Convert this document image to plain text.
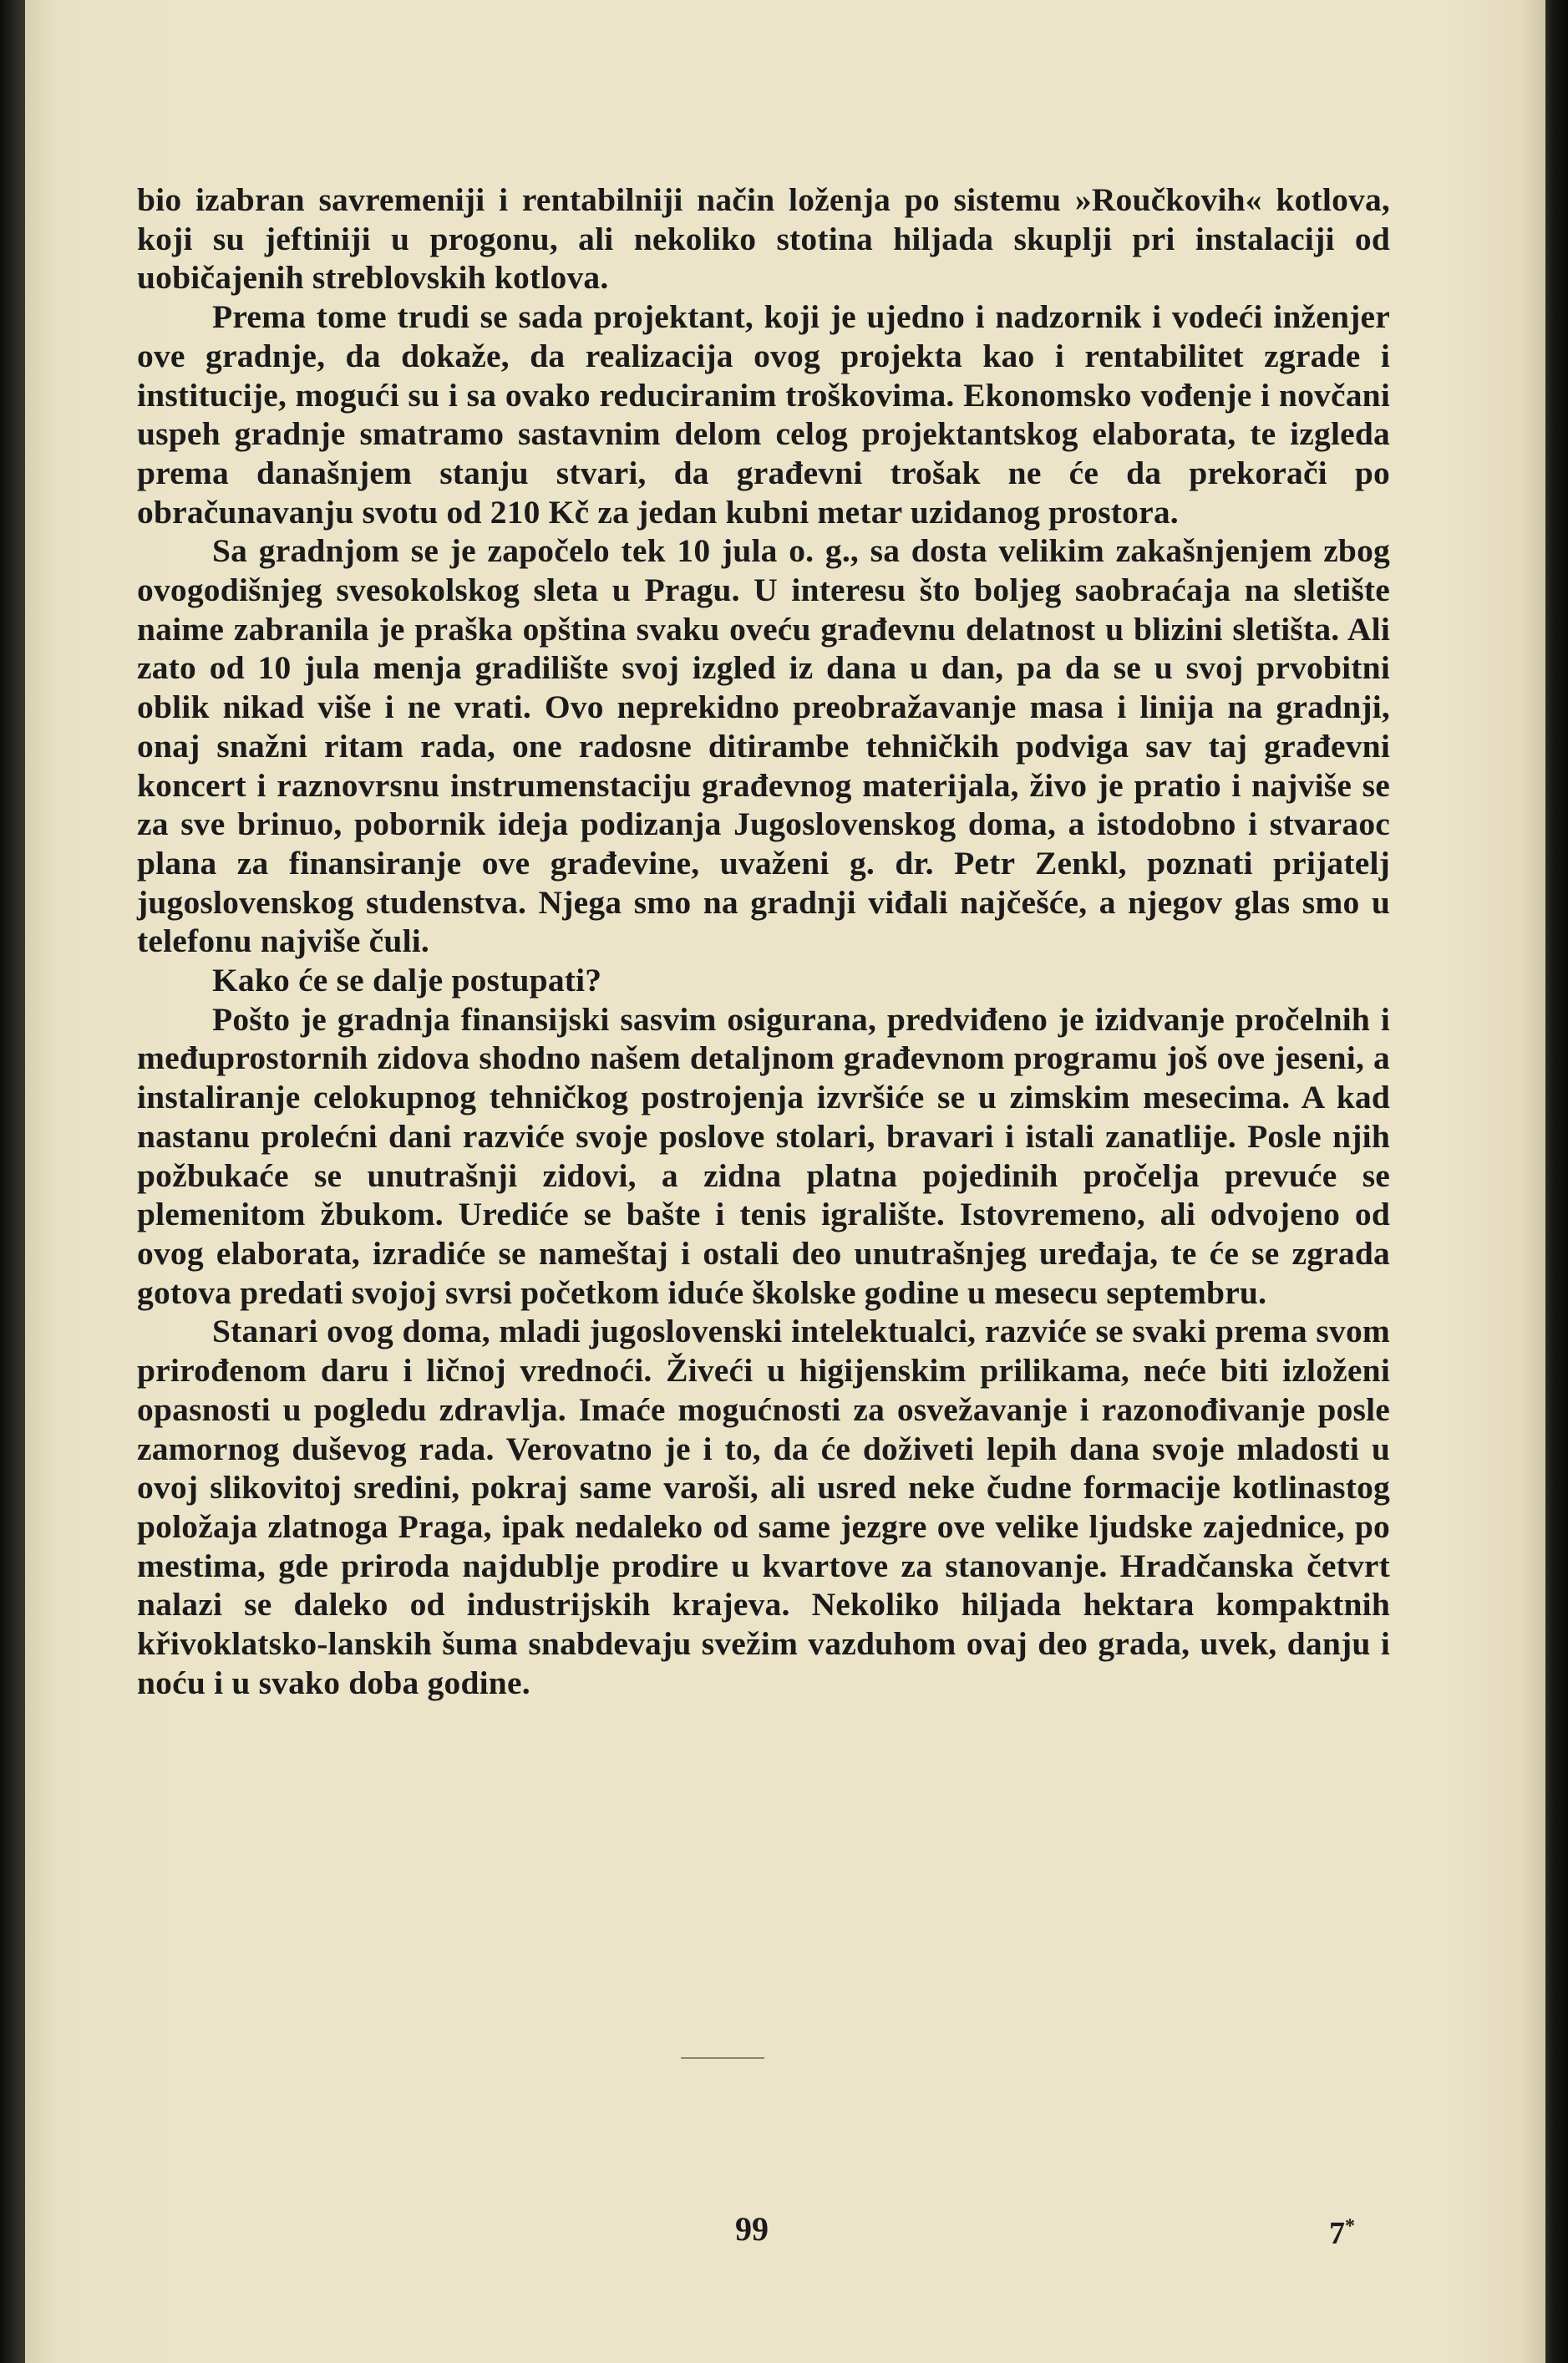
bio izabran savremeniji i rentabilniji način loženja po sistemu »Roučkovih« kotlova, koji su jeftiniji u progonu, ali nekoliko stotina hiljada skuplji pri instalaciji od uobičajenih streblovskih kotlova.

Prema tome trudi se sada projektant, koji je ujedno i nadzornik i vodeći inženjer ove gradnje, da dokaže, da realizacija ovog projekta kao i rentabilitet zgrade i institucije, mogući su i sa ovako reduciranim troškovima. Ekonomsko vođenje i novčani uspeh gradnje smatramo sastavnim delom celog projektantskog elaborata, te izgleda prema današnjem stanju stvari, da građevni trošak ne će da prekorači po obračunavanju svotu od 210 Kč za jedan kubni metar uzidanog prostora.

Sa gradnjom se je započelo tek 10 jula o. g., sa dosta velikim zakašnjenjem zbog ovogodišnjeg svesokolskog sleta u Pragu. U interesu što boljeg saobraćaja na sletište naime zabranila je praška opština svaku oveću građevnu delatnost u blizini sletišta. Ali zato od 10 jula menja gradilište svoj izgled iz dana u dan, pa da se u svoj prvobitni oblik nikad više i ne vrati. Ovo neprekidno preobražavanje masa i linija na gradnji, onaj snažni ritam rada, one radosne ditirambe tehničkih podviga sav taj građevni koncert i raznovrsnu instrumenstaciju građevnog materijala, živo je pratio i najviše se za sve brinuo, pobornik ideja podizanja Jugoslovenskog doma, a istodobno i stvaraoc plana za finansiranje ove građevine, uvaženi g. dr. Petr Zenkl, poznati prijatelj jugoslovenskog studenstva. Njega smo na gradnji viđali najčešće, a njegov glas smo u telefonu najviše čuli.

Kako će se dalje postupati?

Pošto je gradnja finansijski sasvim osigurana, predviđeno je izidvanje pročelnih i međuprostornih zidova shodno našem detaljnom građevnom programu još ove jeseni, a instaliranje celokupnog tehničkog postrojenja izvršiće se u zimskim mesecima. A kad nastanu prolećni dani razviće svoje poslove stolari, bravari i istali zanatlije. Posle njih požbukaće se unutrašnji zidovi, a zidna platna pojedinih pročelja prevuće se plemenitom žbukom. Urediće se bašte i tenis igralište. Istovremeno, ali odvojeno od ovog elaborata, izradiće se nameštaj i ostali deo unutrašnjeg uređaja, te će se zgrada gotova predati svojoj svrsi početkom iduće školske godine u mesecu septembru.

Stanari ovog doma, mladi jugoslovenski intelektualci, razviće se svaki prema svom prirođenom daru i ličnoj vrednoći. Živeći u higijenskim prilikama, neće biti izloženi opasnosti u pogledu zdravlja. Imaće mogućnosti za osvežavanje i razonođivanje posle zamornog duševog rada. Verovatno je i to, da će doživeti lepih dana svoje mladosti u ovoj slikovitoj sredini, pokraj same varoši, ali usred neke čudne formacije kotlinastog položaja zlatnoga Praga, ipak nedaleko od same jezgre ove velike ljudske zajednice, po mestima, gde priroda najdublje prodire u kvartove za stanovanje. Hradčanska četvrt nalazi se daleko od industrijskih krajeva. Nekoliko hiljada hektara kompaktnih křivoklatsko-lanskih šuma snabdevaju svežim vazduhom ovaj deo grada, uvek, danju i noću i u svako doba godine.

99	7*
